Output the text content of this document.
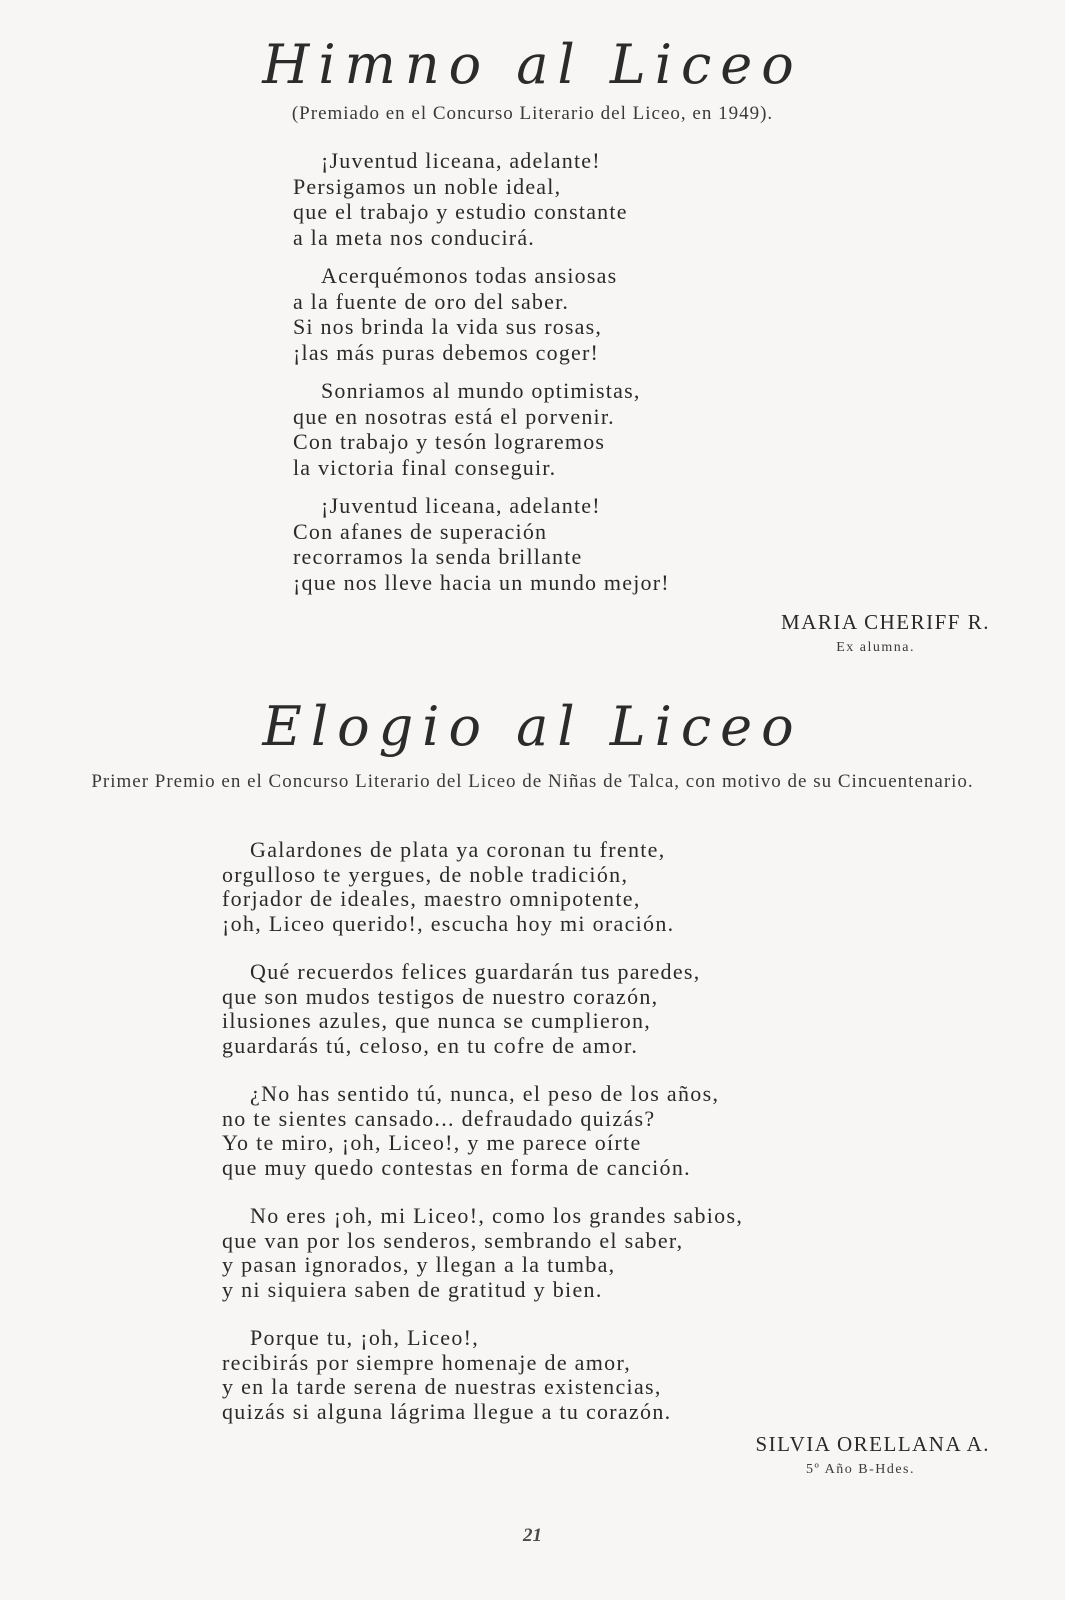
Himno al Liceo

(Premiado en el Concurso Literario del Liceo, en 1949).

¡Juventud liceana, adelante!
Persigamos un noble ideal,
que el trabajo y estudio constante
a la meta nos conducirá.
Acerquémonos todas ansiosas
a la fuente de oro del saber.
Si nos brinda la vida sus rosas,
¡las más puras debemos coger!
Sonriamos al mundo optimistas,
que en nosotras está el porvenir.
Con trabajo y tesón lograremos
la victoria final conseguir.
¡Juventud liceana, adelante!
Con afanes de superación
recorramos la senda brillante
¡que nos lleve hacia un mundo mejor!

MARIA CHERIFF R.

Ex alumna.

Elogio al Liceo

Primer Premio en el Concurso Literario del Liceo de Niñas de Talca, con motivo de su Cincuentenario.

Galardones de plata ya coronan tu frente,
orgulloso te yergues, de noble tradición,
forjador de ideales, maestro omnipotente,
¡oh, Liceo querido!, escucha hoy mi oración.
Qué recuerdos felices guardarán tus paredes,
que son mudos testigos de nuestro corazón,
ilusiones azules, que nunca se cumplieron,
guardarás tú, celoso, en tu cofre de amor.
¿No has sentido tú, nunca, el peso de los años,
no te sientes cansado... defraudado quizás?
Yo te miro, ¡oh, Liceo!, y me parece oírte
que muy quedo contestas en forma de canción.
No eres ¡oh, mi Liceo!, como los grandes sabios,
que van por los senderos, sembrando el saber,
y pasan ignorados, y llegan a la tumba,
y ni siquiera saben de gratitud y bien.
Porque tu, ¡oh, Liceo!,
recibirás por siempre homenaje de amor,
y en la tarde serena de nuestras existencias,
quizás si alguna lágrima llegue a tu corazón.

SILVIA ORELLANA A.

5º Año B-Hdes.

21
